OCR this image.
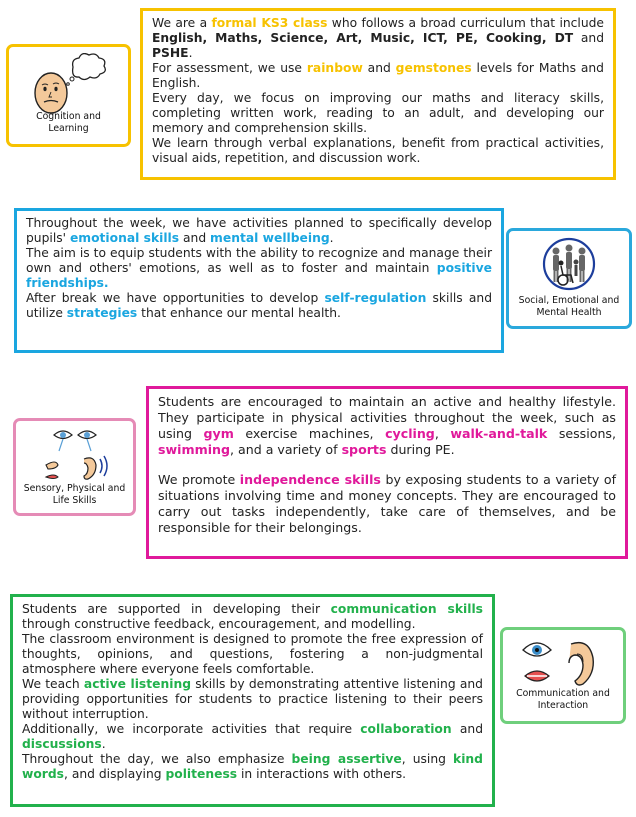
Cognition and Learning

We are a formal KS3 class who follows a broad curriculum that include English, Maths, Science, Art, Music, ICT, PE, Cooking, DT and PSHE.

For assessment, we use rainbow and gemstones levels for Maths and English.

Every day, we focus on improving our maths and literacy skills, completing written work, reading to an adult, and developing our memory and comprehension skills.

We learn through verbal explanations, benefit from practical activities, visual aids, repetition, and discussion work.

Throughout the week, we have activities planned to specifically develop pupils' emotional skills and mental wellbeing.

The aim is to equip students with the ability to recognize and manage their own and others' emotions, as well as to foster and maintain positive friendships.

After break we have opportunities to develop self-regulation skills and utilize strategies that enhance our mental health.

Social, Emotional and Mental Health
Sensory, Physical and Life Skills

Students are encouraged to maintain an active and healthy lifestyle. They participate in physical activities throughout the week, such as using gym exercise machines, cycling, walk-and-talk sessions, swimming, and a variety of sports during PE.

We promote independence skills by exposing students to a variety of situations involving time and money concepts. They are encouraged to carry out tasks independently, take care of themselves, and be responsible for their belongings.

Students are supported in developing their communication skills through constructive feedback, encouragement, and modelling.

The classroom environment is designed to promote the free expression of thoughts, opinions, and questions, fostering a non-judgmental atmosphere where everyone feels comfortable.

We teach active listening skills by demonstrating attentive listening and providing opportunities for students to practice listening to their peers without interruption.

Additionally, we incorporate activities that require collaboration and discussions.

Throughout the day, we also emphasize being assertive, using kind words, and displaying politeness in interactions with others.

Communication and Interaction
